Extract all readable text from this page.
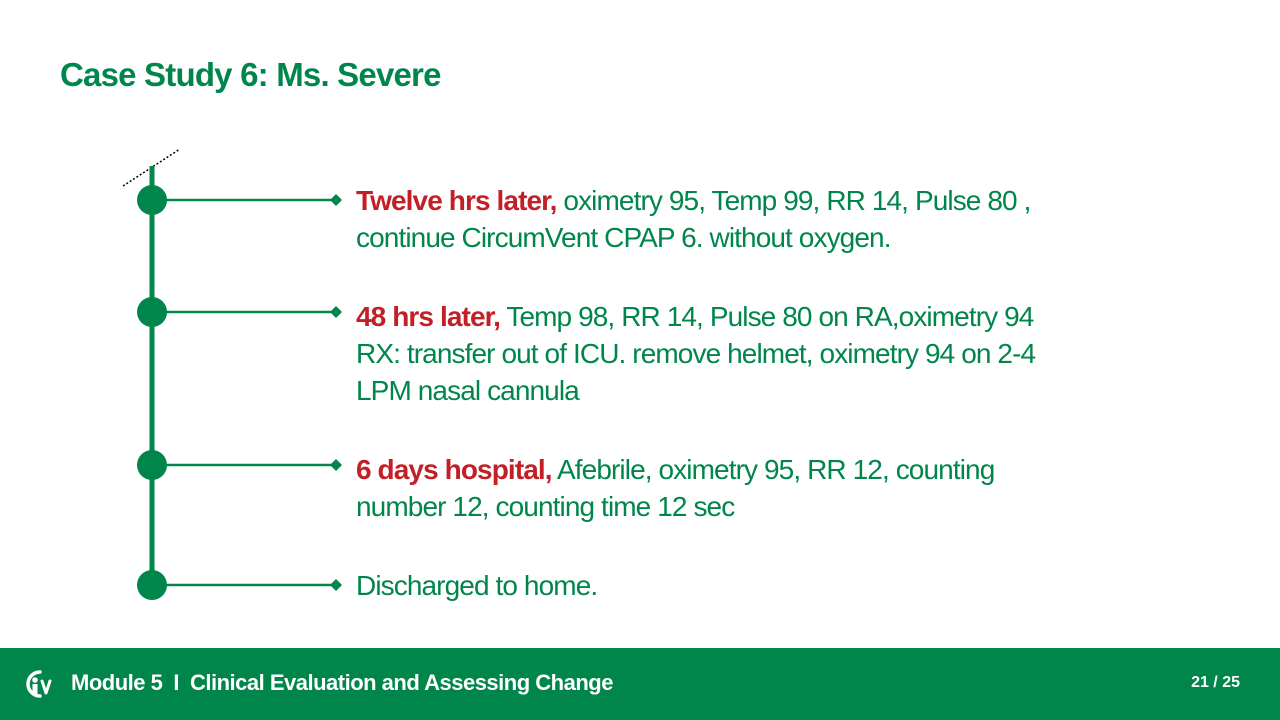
Case Study 6: Ms. Severe
Twelve hrs later, oximetry 95, Temp 99, RR 14, Pulse 80 ,
continue CircumVent CPAP 6. without oxygen.
48 hrs later, Temp 98, RR 14, Pulse 80 on RA,oximetry 94
RX: transfer out of ICU. remove helmet, oximetry 94 on 2-4
LPM nasal cannula
6 days hospital, Afebrile, oximetry 95, RR 12, counting
number 12, counting time 12 sec
Discharged to home.
Module 5 I Clinical Evaluation and Assessing Change	21 / 25
